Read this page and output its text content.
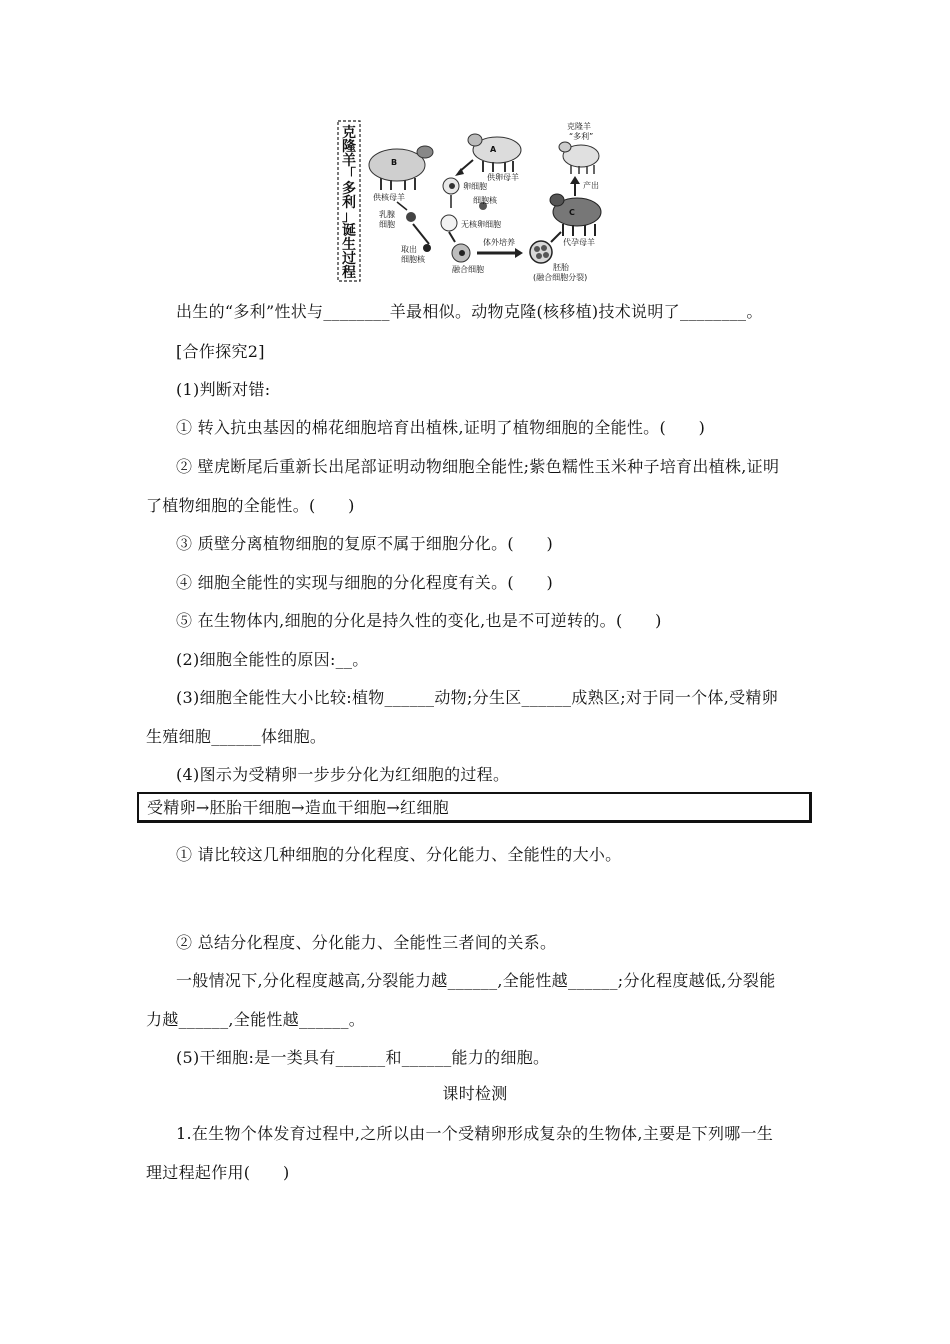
克
隆
羊
「
多
利
」
诞
生
过
程
B
供核母羊
A
供卵母羊
卵细胞
细胞核
无核卵细胞
乳腺
细胞
取出
细胞核
融合细胞
体外培养
胚胎
(融合细胞分裂)
C
代孕母羊
产出
克隆羊
“多利”
出生的“多利”性状与________羊最相似。动物克隆(核移植)技术说明了________。
[合作探究2]
(1)判断对错:
① 转入抗虫基因的棉花细胞培育出植株,证明了植物细胞的全能性。(　　)
② 壁虎断尾后重新长出尾部证明动物细胞全能性;紫色糯性玉米种子培育出植株,证明
了植物细胞的全能性。(　　)
③ 质壁分离植物细胞的复原不属于细胞分化。(　　)
④ 细胞全能性的实现与细胞的分化程度有关。(　　)
⑤ 在生物体内,细胞的分化是持久性的变化,也是不可逆转的。(　　)
(2)细胞全能性的原因:__。
(3)细胞全能性大小比较:植物______动物;分生区______成熟区;对于同一个体,受精卵
生殖细胞______体细胞。
(4)图示为受精卵一步步分化为红细胞的过程。
受精卵→胚胎干细胞→造血干细胞→红细胞
① 请比较这几种细胞的分化程度、分化能力、全能性的大小。
② 总结分化程度、分化能力、全能性三者间的关系。
一般情况下,分化程度越高,分裂能力越______,全能性越______;分化程度越低,分裂能
力越______,全能性越______。
(5)干细胞:是一类具有______和______能力的细胞。
课时检测
1.在生物个体发育过程中,之所以由一个受精卵形成复杂的生物体,主要是下列哪一生
理过程起作用(　　)
